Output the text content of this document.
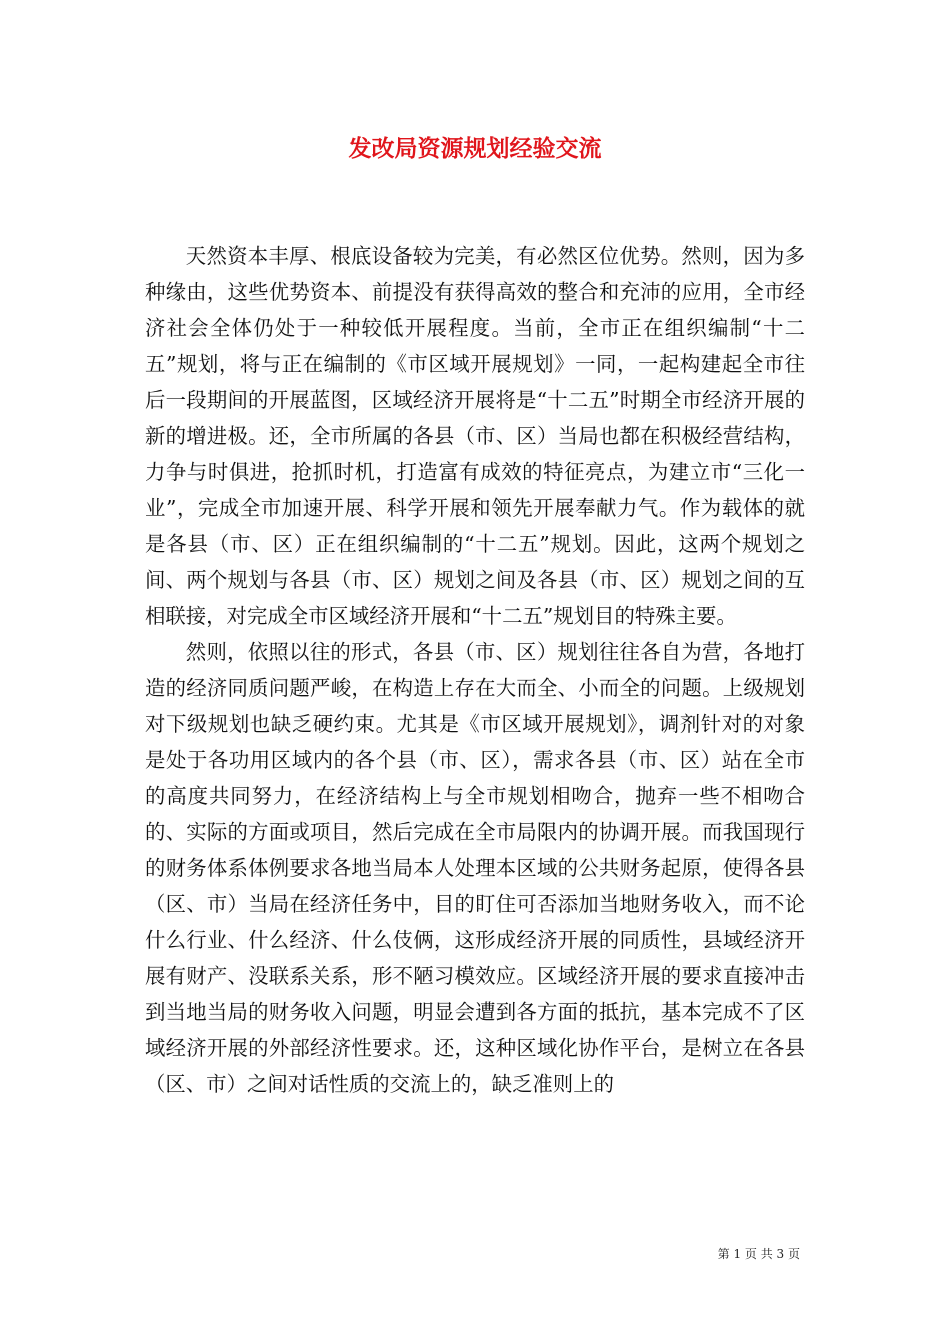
发改局资源规划经验交流

天然资本丰厚、根底设备较为完美，有必然区位优势。然则，因为多种缘由，这些优势资本、前提没有获得高效的整合和充沛的应用，全市经济社会全体仍处于一种较低开展程度。当前，全市正在组织编制“十二五”规划，将与正在编制的《市区域开展规划》一同，一起构建起全市往后一段期间的开展蓝图，区域经济开展将是“十二五”时期全市经济开展的新的增进极。还，全市所属的各县（市、区）当局也都在积极经营结构，力争与时俱进，抢抓时机，打造富有成效的特征亮点，为建立市“三化一业”，完成全市加速开展、科学开展和领先开展奉献力气。作为载体的就是各县（市、区）正在组织编制的“十二五”规划。因此，这两个规划之间、两个规划与各县（市、区）规划之间及各县（市、区）规划之间的互相联接，对完成全市区域经济开展和“十二五”规划目的特殊主要。

然则，依照以往的形式，各县（市、区）规划往往各自为营，各地打造的经济同质问题严峻，在构造上存在大而全、小而全的问题。上级规划对下级规划也缺乏硬约束。尤其是《市区域开展规划》，调剂针对的对象是处于各功用区域内的各个县（市、区），需求各县（市、区）站在全市的高度共同努力，在经济结构上与全市规划相吻合，抛弃一些不相吻合的、实际的方面或项目，然后完成在全市局限内的协调开展。而我国现行的财务体系体例要求各地当局本人处理本区域的公共财务起原，使得各县（区、市）当局在经济任务中，目的盯住可否添加当地财务收入，而不论什么行业、什么经济、什么伎俩，这形成经济开展的同质性，县域经济开展有财产、没联系关系，形不陋习模效应。区域经济开展的要求直接冲击到当地当局的财务收入问题，明显会遭到各方面的抵抗，基本完成不了区域经济开展的外部经济性要求。还，这种区域化协作平台，是树立在各县（区、市）之间对话性质的交流上的，缺乏准则上的

第 1 页 共 3 页
